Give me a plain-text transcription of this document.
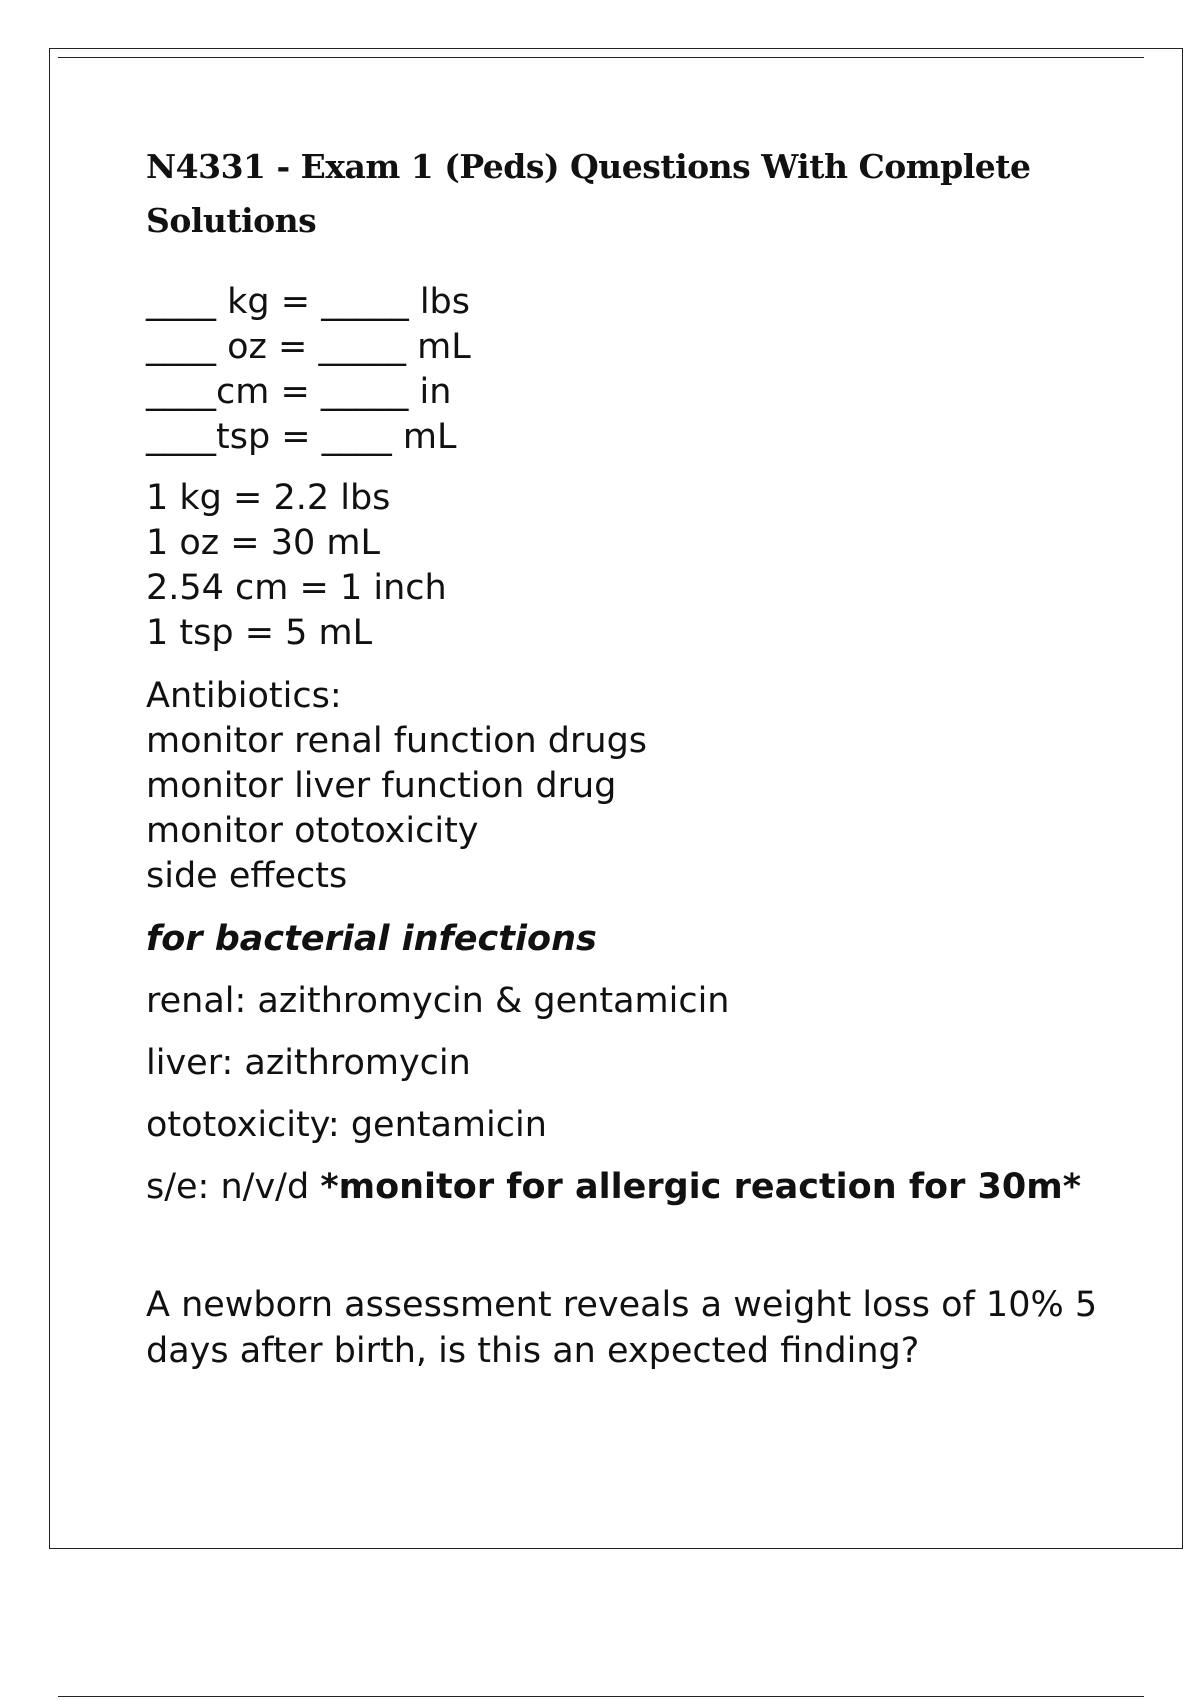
N4331 - Exam 1 (Peds) Questions With Complete Solutions
____ kg = _____ lbs
____ oz = _____ mL
____cm = _____ in
____tsp = ____ mL
1 kg = 2.2 lbs
1 oz = 30 mL
2.54 cm = 1 inch
1 tsp = 5 mL
Antibiotics:
monitor renal function drugs
monitor liver function drug
monitor ototoxicity
side effects
for bacterial infections
renal: azithromycin & gentamicin
liver: azithromycin
ototoxicity: gentamicin
s/e: n/v/d *monitor for allergic reaction for 30m*
A newborn assessment reveals a weight loss of 10% 5 days after birth, is this an expected finding?
